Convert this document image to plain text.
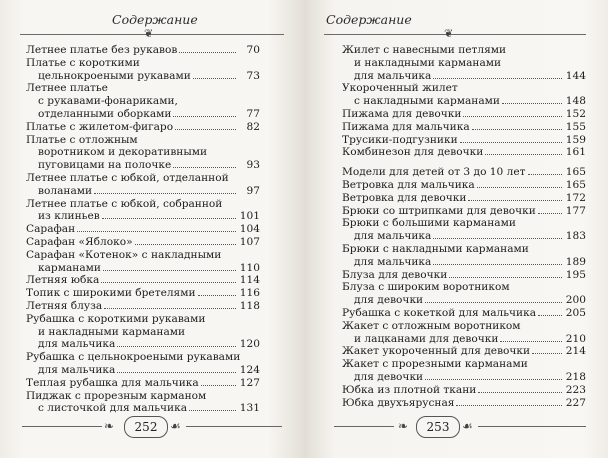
Содержание
❦
Летнее платье без рукавов	70
Платье с короткими
цельнокроеными рукавами	73
Летнее платье
с рукавами-фонариками,
отделанными оборками	77
Платье с жилетом-фигаро	82
Платье с отложным
воротником и декоративными
пуговицами на полочке	93
Летнее платье с юбкой, отделанной
воланами	97
Летнее платье с юбкой, собранной
из клиньев	101
Сарафан	104
Сарафан «Яблоко»	107
Сарафан «Котенок» с накладными
карманами	110
Летняя юбка	114
Топик с широкими бретелями	116
Летняя блуза	118
Рубашка с короткими рукавами
и накладными карманами
для мальчика	120
Рубашка с цельнокроеными рукавами
для мальчика	124
Теплая рубашка для мальчика	127
Пиджак с прорезным карманом
с листочкой для мальчика	131
❧	252	☙
Содержание
❦
Жилет с навесными петлями
и накладными карманами
для мальчика	144
Укороченный жилет
с накладными карманами	148
Пижама для девочки	152
Пижама для мальчика	155
Трусики-подгузники	159
Комбинезон для девочки	161
Модели для детей от 3 до 10 лет	165
Ветровка для мальчика	165
Ветровка для девочки	172
Брюки со штрипками для девочки	177
Брюки с большими карманами
для мальчика	183
Брюки с накладными карманами
для мальчика	189
Блуза для девочки	195
Блуза с широким воротником
для девочки	200
Рубашка с кокеткой для мальчика	205
Жакет с отложным воротником
и лацканами для девочки	210
Жакет укороченный для девочки	214
Жакет с прорезными карманами
для девочки	218
Юбка из плотной ткани	223
Юбка двухъярусная	227
❧	253	☙
